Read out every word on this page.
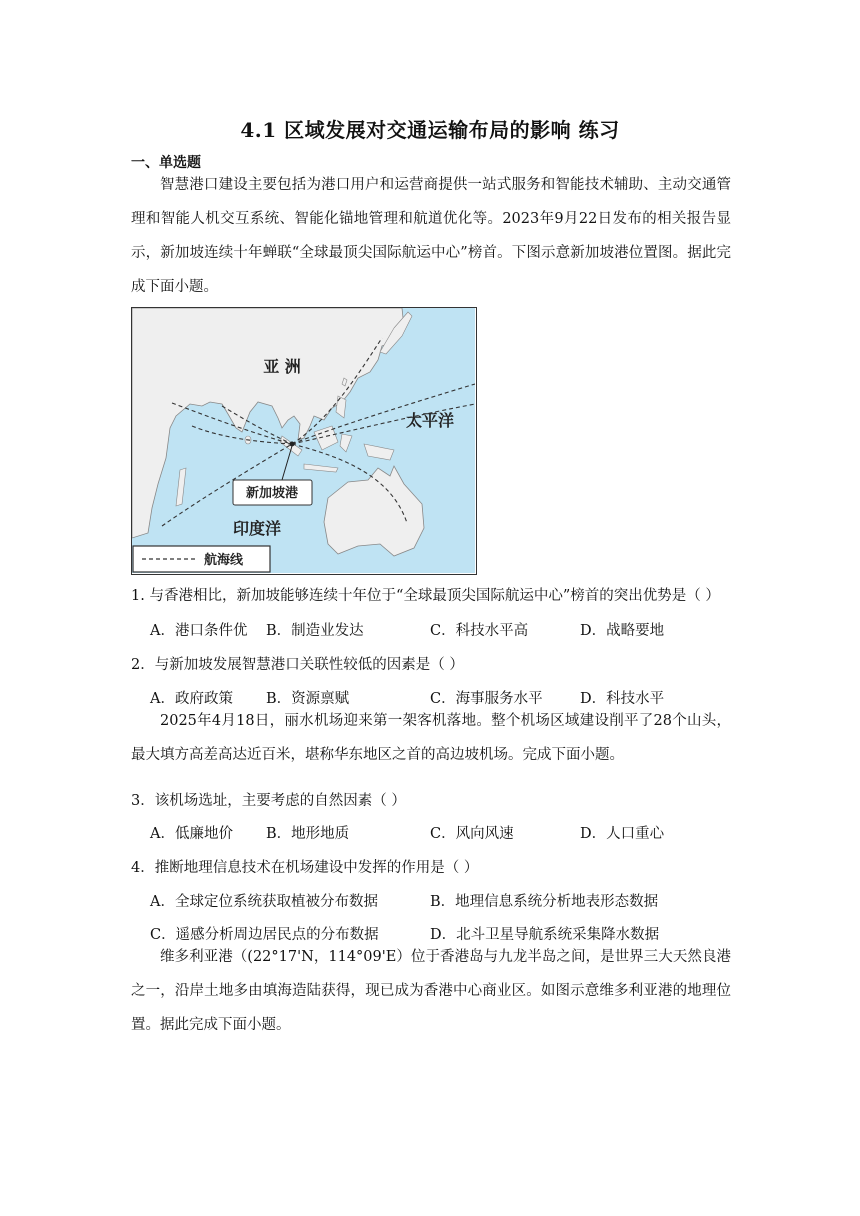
4.1 区域发展对交通运输布局的影响 练习
一、单选题
智慧港口建设主要包括为港口用户和运营商提供一站式服务和智能技术辅助、主动交通管理和智能人机交互系统、智能化锚地管理和航道优化等。2023年9月22日发布的相关报告显示，新加坡连续十年蝉联“全球最顶尖国际航运中心”榜首。下图示意新加坡港位置图。据此完成下面小题。
新加坡港
亚 洲
太平洋
印度洋
航海线
1. 与香港相比，新加坡能够连续十年位于“全球最顶尖国际航运中心”榜首的突出优势是（ ）
A．港口条件优 B．制造业发达	C．科技水平高	D．战略要地
2．与新加坡发展智慧港口关联性较低的因素是（ ）
A．政府政策 B．资源禀赋	C．海事服务水平	D．科技水平
2025年4月18日，丽水机场迎来第一架客机落地。整个机场区域建设削平了28个山头，最大填方高差高达近百米，堪称华东地区之首的高边坡机场。完成下面小题。
3．该机场选址，主要考虑的自然因素（ ）
A．低廉地价 B．地形地质	C．风向风速	D．人口重心
4．推断地理信息技术在机场建设中发挥的作用是（ ）
A．全球定位系统获取植被分布数据	B．地理信息系统分析地表形态数据
C．遥感分析周边居民点的分布数据	D．北斗卫星导航系统采集降水数据
维多利亚港（(22°17'N，114°09'E）位于香港岛与九龙半岛之间，是世界三大天然良港之一，沿岸土地多由填海造陆获得，现已成为香港中心商业区。如图示意维多利亚港的地理位置。据此完成下面小题。
